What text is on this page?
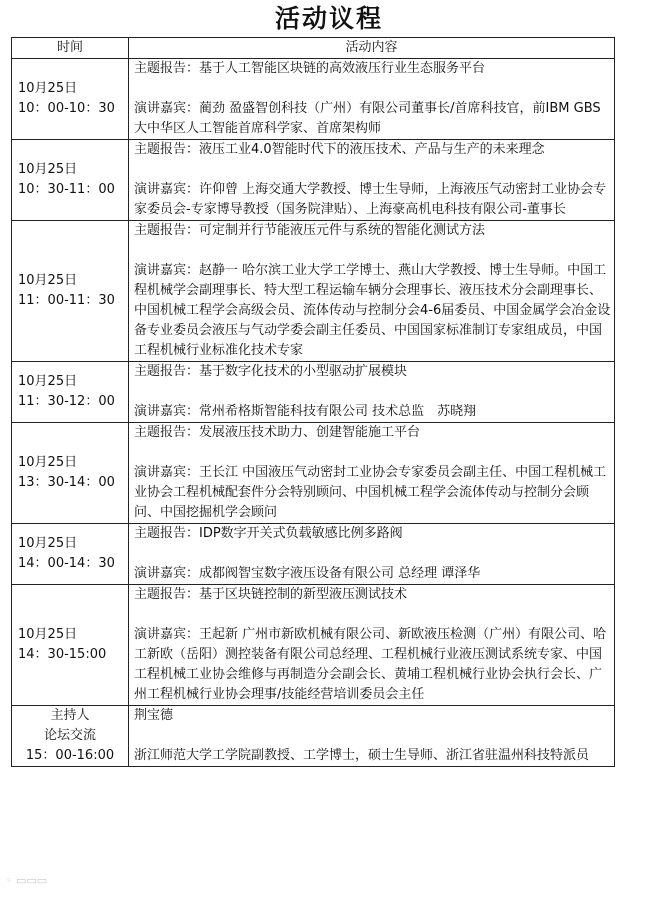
活动议程
时间	活动内容
10月25日
10：00-10：30	主题报告：基于人工智能区块链的高效液压行业生态服务平台
演讲嘉宾：蔺劲 盈盛智创科技（广州）有限公司董事长/首席科技官，前IBM GBS大中华区人工智能首席科学家、首席架构师

10月25日
10：30-11：00	主题报告：液压工业4.0智能时代下的液压技术、产品与生产的未来理念
演讲嘉宾：许仰曾 上海交通大学教授、博士生导师，上海液压气动密封工业协会专家委员会-专家博导教授（国务院津贴）、上海豪高机电科技有限公司-董事长

10月25日
11：00-11：30	主题报告：可定制并行节能液压元件与系统的智能化测试方法
演讲嘉宾：赵静一 哈尔滨工业大学工学博士、燕山大学教授、博士生导师。中国工程机械学会副理事长、特大型工程运输车辆分会理事长、液压技术分会副理事长、中国机械工程学会高级会员、流体传动与控制分会4-6届委员、中国金属学会冶金设备专业委员会液压与气动学委会副主任委员、中国国家标准制订专家组成员，中国工程机械行业标准化技术专家

10月25日
11：30-12：00	主题报告：基于数字化技术的小型驱动扩展模块
演讲嘉宾：常州希格斯智能科技有限公司 技术总监　苏晓翔

10月25日
13：30-14：00	主题报告：发展液压技术助力、创建智能施工平台
演讲嘉宾：王长江 中国液压气动密封工业协会专家委员会副主任、中国工程机械工业协会工程机械配套件分会特别顾问、中国机械工程学会流体传动与控制分会顾问、中国挖掘机学会顾问

10月25日
14：00-14：30	主题报告：IDP数字开关式负载敏感比例多路阀
演讲嘉宾：成都阀智宝数字液压设备有限公司 总经理 谭泽华

10月25日
14：30-15:00	主题报告：基于区块链控制的新型液压测试技术
演讲嘉宾：王起新 广州市新欧机械有限公司、新欧液压检测（广州）有限公司、哈工新欧（岳阳）测控装备有限公司总经理、工程机械行业液压测试系统专家、中国工程机械工业协会维修与再制造分会副会长、黄埔工程机械行业协会执行会长、广州工程机械行业协会理事/技能经营培训委员会主任

主持人
论坛交流
15：00-16:00	荆宝德
浙江师范大学工学院副教授、工学博士，硕士生导师、浙江省驻温州科技特派员
◦ ▭▭▭
